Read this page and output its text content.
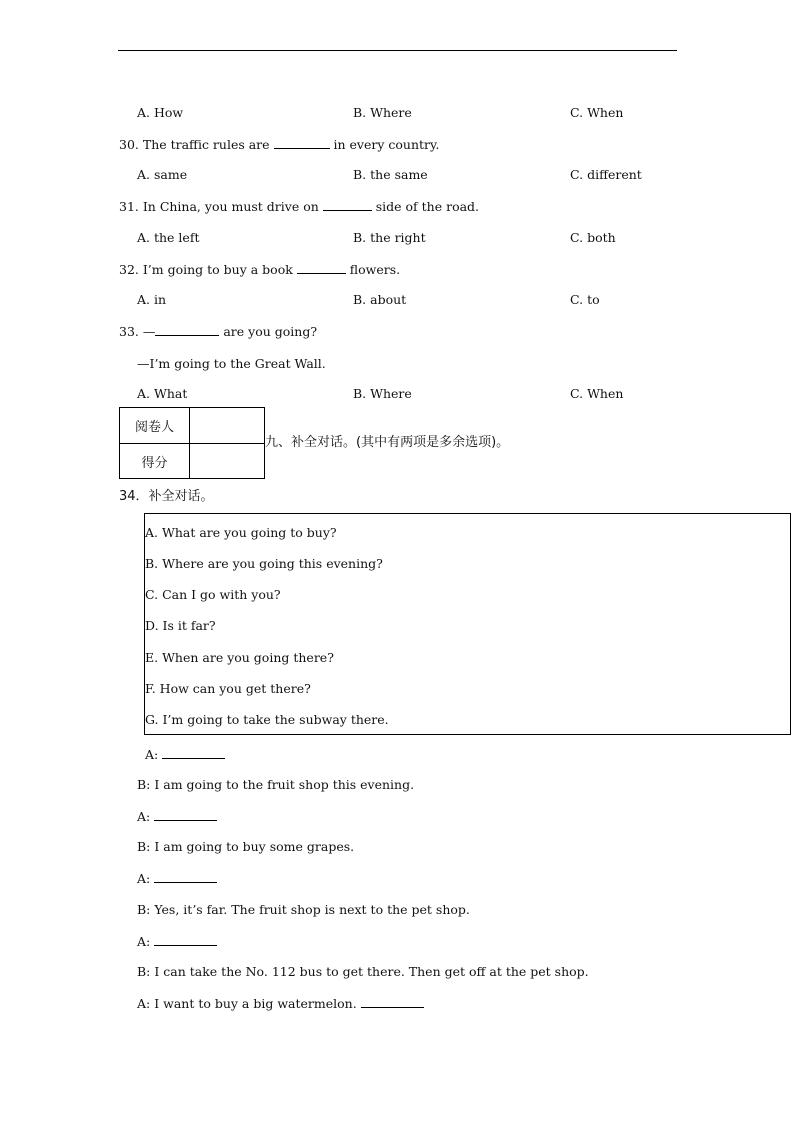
A. How	B. Where	C. When
30. The traffic rules are	in every country.
A. same	B. the same	C. different
31. In China, you must drive on	side of the road.
A. the left	B. the right	C. both
32. I’m going to buy a book	flowers.
A. in	B. about	C. to
33. —	are you going?
—I’m going to the Great Wall.
A. What	B. Where	C. When
阅卷人
得分
九、补全对话。(其中有两项是多余选项)。
34．补全对话。
A. What are you going to buy?
B. Where are you going this evening?
C. Can I go with you?
D. Is it far?
E. When are you going there?
F. How can you get there?
G. I’m going to take the subway there.
A:
B: I am going to the fruit shop this evening.
A:
B: I am going to buy some grapes.
A:
B: Yes, it’s far. The fruit shop is next to the pet shop.
A:
B: I can take the No. 112 bus to get there. Then get off at the pet shop.
A: I want to buy a big watermelon.
